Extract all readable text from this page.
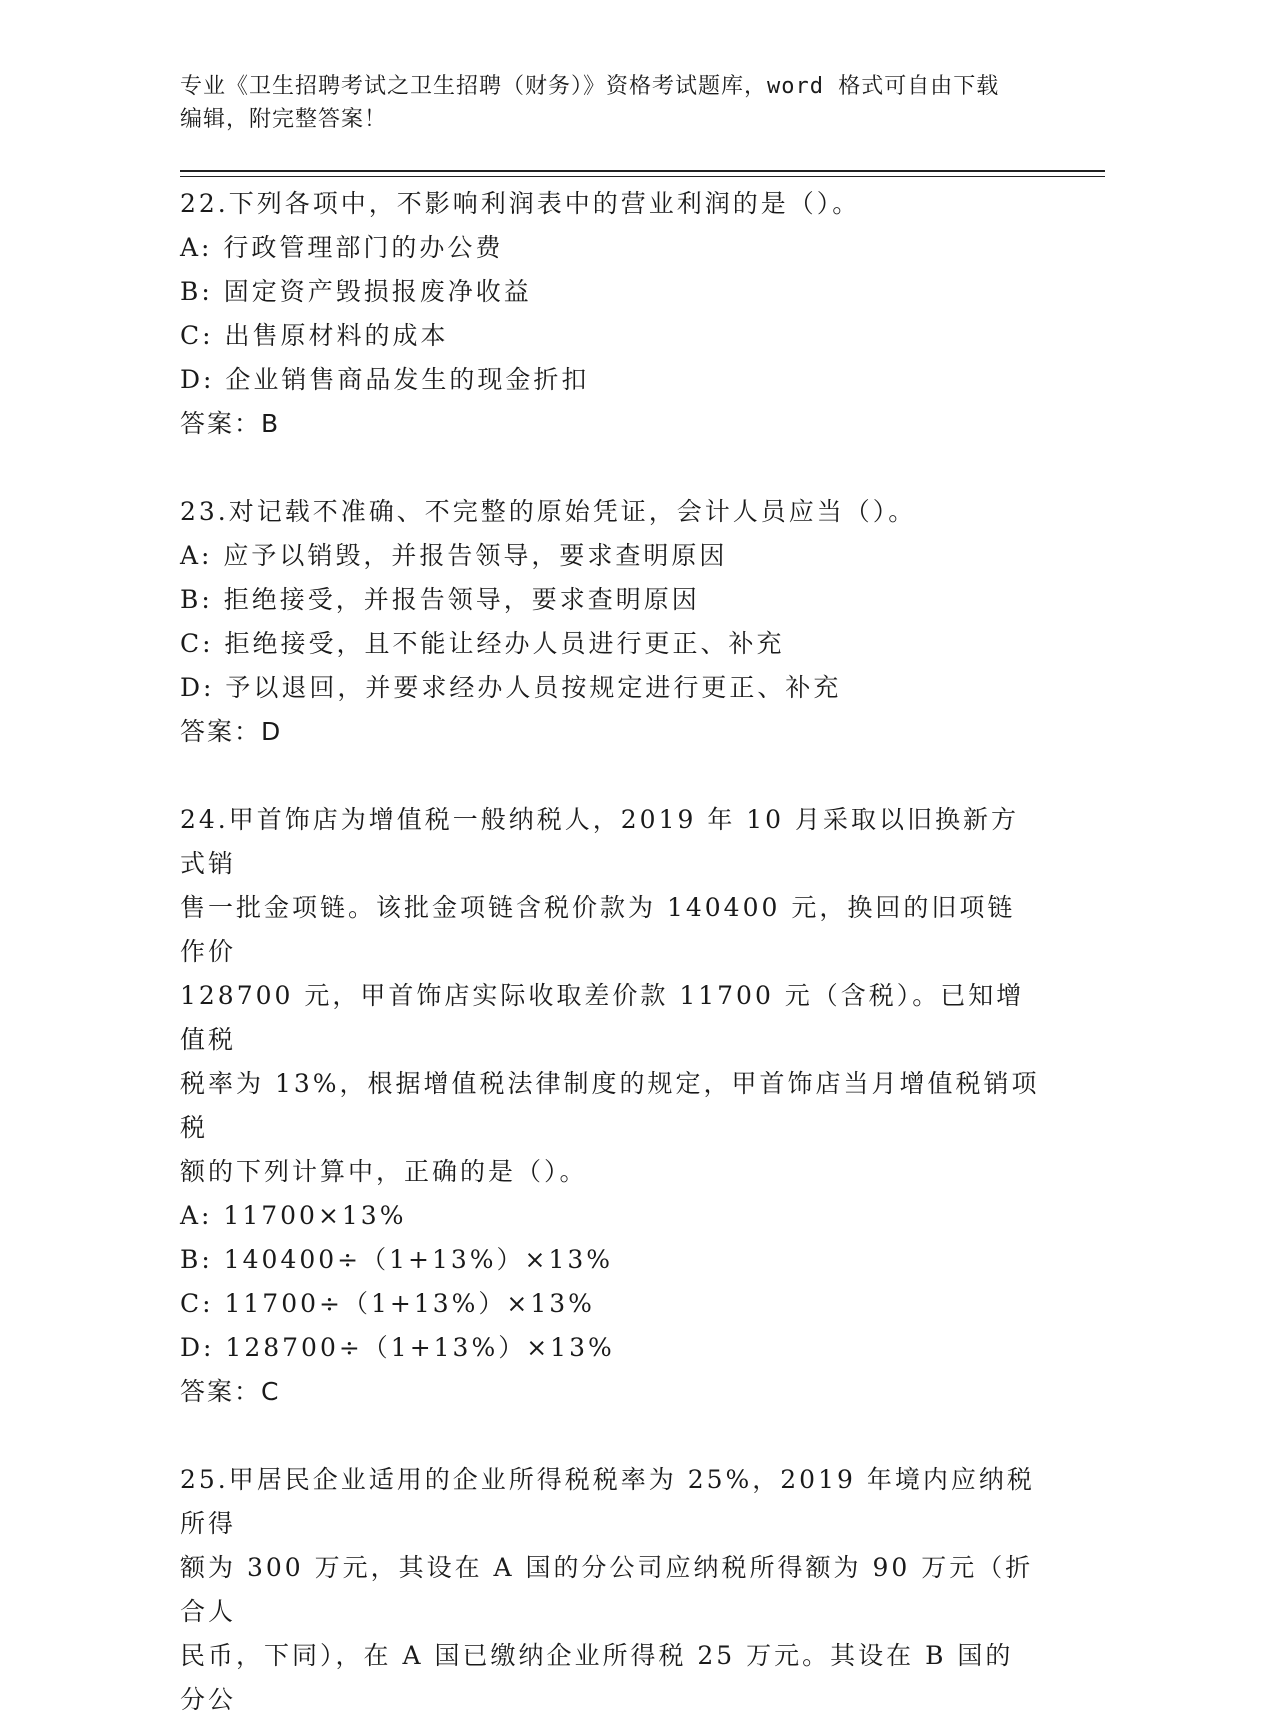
专业《卫生招聘考试之卫生招聘（财务）》资格考试题库，word 格式可自由下载
编辑，附完整答案！

22.下列各项中，不影响利润表中的营业利润的是（）。

A: 行政管理部门的办公费

B: 固定资产毁损报废净收益

C: 出售原材料的成本

D: 企业销售商品发生的现金折扣

答案：B

23.对记载不准确、不完整的原始凭证，会计人员应当（）。

A: 应予以销毁，并报告领导，要求查明原因

B: 拒绝接受，并报告领导，要求查明原因

C: 拒绝接受，且不能让经办人员进行更正、补充

D: 予以退回，并要求经办人员按规定进行更正、补充

答案：D

24.甲首饰店为增值税一般纳税人，2019 年 10 月采取以旧换新方式销

售一批金项链。该批金项链含税价款为 140400 元，换回的旧项链作价

128700 元，甲首饰店实际收取差价款 11700 元（含税）。已知增值税

税率为 13%，根据增值税法律制度的规定，甲首饰店当月增值税销项税

额的下列计算中，正确的是（）。

A: 11700×13%

B: 140400÷（1+13%）×13%

C: 11700÷（1+13%）×13%

D: 128700÷（1+13%）×13%

答案：C

25.甲居民企业适用的企业所得税税率为 25%，2019 年境内应纳税所得

额为 300 万元，其设在 A 国的分公司应纳税所得额为 90 万元（折合人

民币，下同），在 A 国已缴纳企业所得税 25 万元。其设在 B 国的分公
